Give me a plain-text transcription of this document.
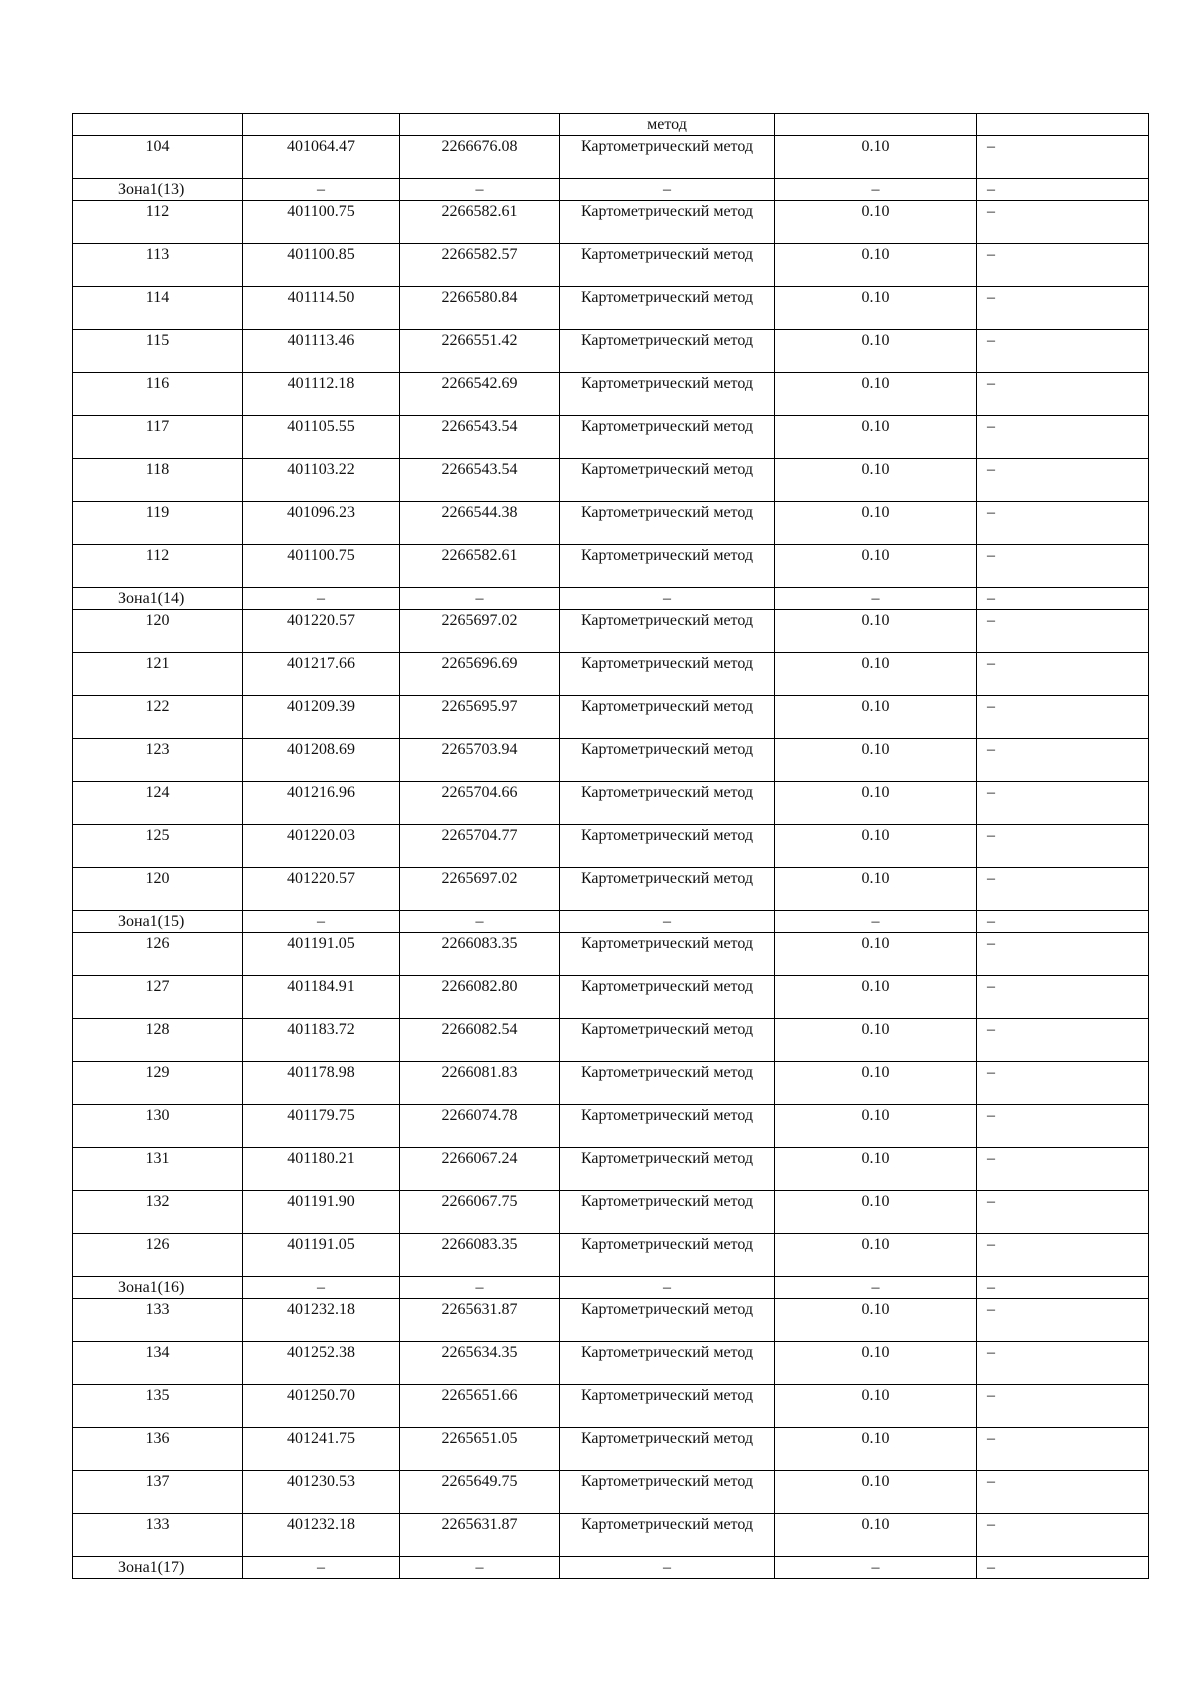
			метод		
104	401064.47	2266676.08	Картометрический метод	0.10	–

Зона1(13)	–	–	–	–	–
112	401100.75	2266582.61	Картометрический метод	0.10	–
113	401100.85	2266582.57	Картометрический метод	0.10	–
114	401114.50	2266580.84	Картометрический метод	0.10	–
115	401113.46	2266551.42	Картометрический метод	0.10	–
116	401112.18	2266542.69	Картометрический метод	0.10	–
117	401105.55	2266543.54	Картометрический метод	0.10	–
118	401103.22	2266543.54	Картометрический метод	0.10	–
119	401096.23	2266544.38	Картометрический метод	0.10	–
112	401100.75	2266582.61	Картометрический метод	0.10	–

Зона1(14)	–	–	–	–	–
120	401220.57	2265697.02	Картометрический метод	0.10	–
121	401217.66	2265696.69	Картометрический метод	0.10	–
122	401209.39	2265695.97	Картометрический метод	0.10	–
123	401208.69	2265703.94	Картометрический метод	0.10	–
124	401216.96	2265704.66	Картометрический метод	0.10	–
125	401220.03	2265704.77	Картометрический метод	0.10	–
120	401220.57	2265697.02	Картометрический метод	0.10	–

Зона1(15)	–	–	–	–	–
126	401191.05	2266083.35	Картометрический метод	0.10	–
127	401184.91	2266082.80	Картометрический метод	0.10	–
128	401183.72	2266082.54	Картометрический метод	0.10	–
129	401178.98	2266081.83	Картометрический метод	0.10	–
130	401179.75	2266074.78	Картометрический метод	0.10	–
131	401180.21	2266067.24	Картометрический метод	0.10	–
132	401191.90	2266067.75	Картометрический метод	0.10	–
126	401191.05	2266083.35	Картометрический метод	0.10	–

Зона1(16)	–	–	–	–	–
133	401232.18	2265631.87	Картометрический метод	0.10	–
134	401252.38	2265634.35	Картометрический метод	0.10	–
135	401250.70	2265651.66	Картометрический метод	0.10	–
136	401241.75	2265651.05	Картометрический метод	0.10	–
137	401230.53	2265649.75	Картометрический метод	0.10	–
133	401232.18	2265631.87	Картометрический метод	0.10	–

Зона1(17)	–	–	–	–	–
